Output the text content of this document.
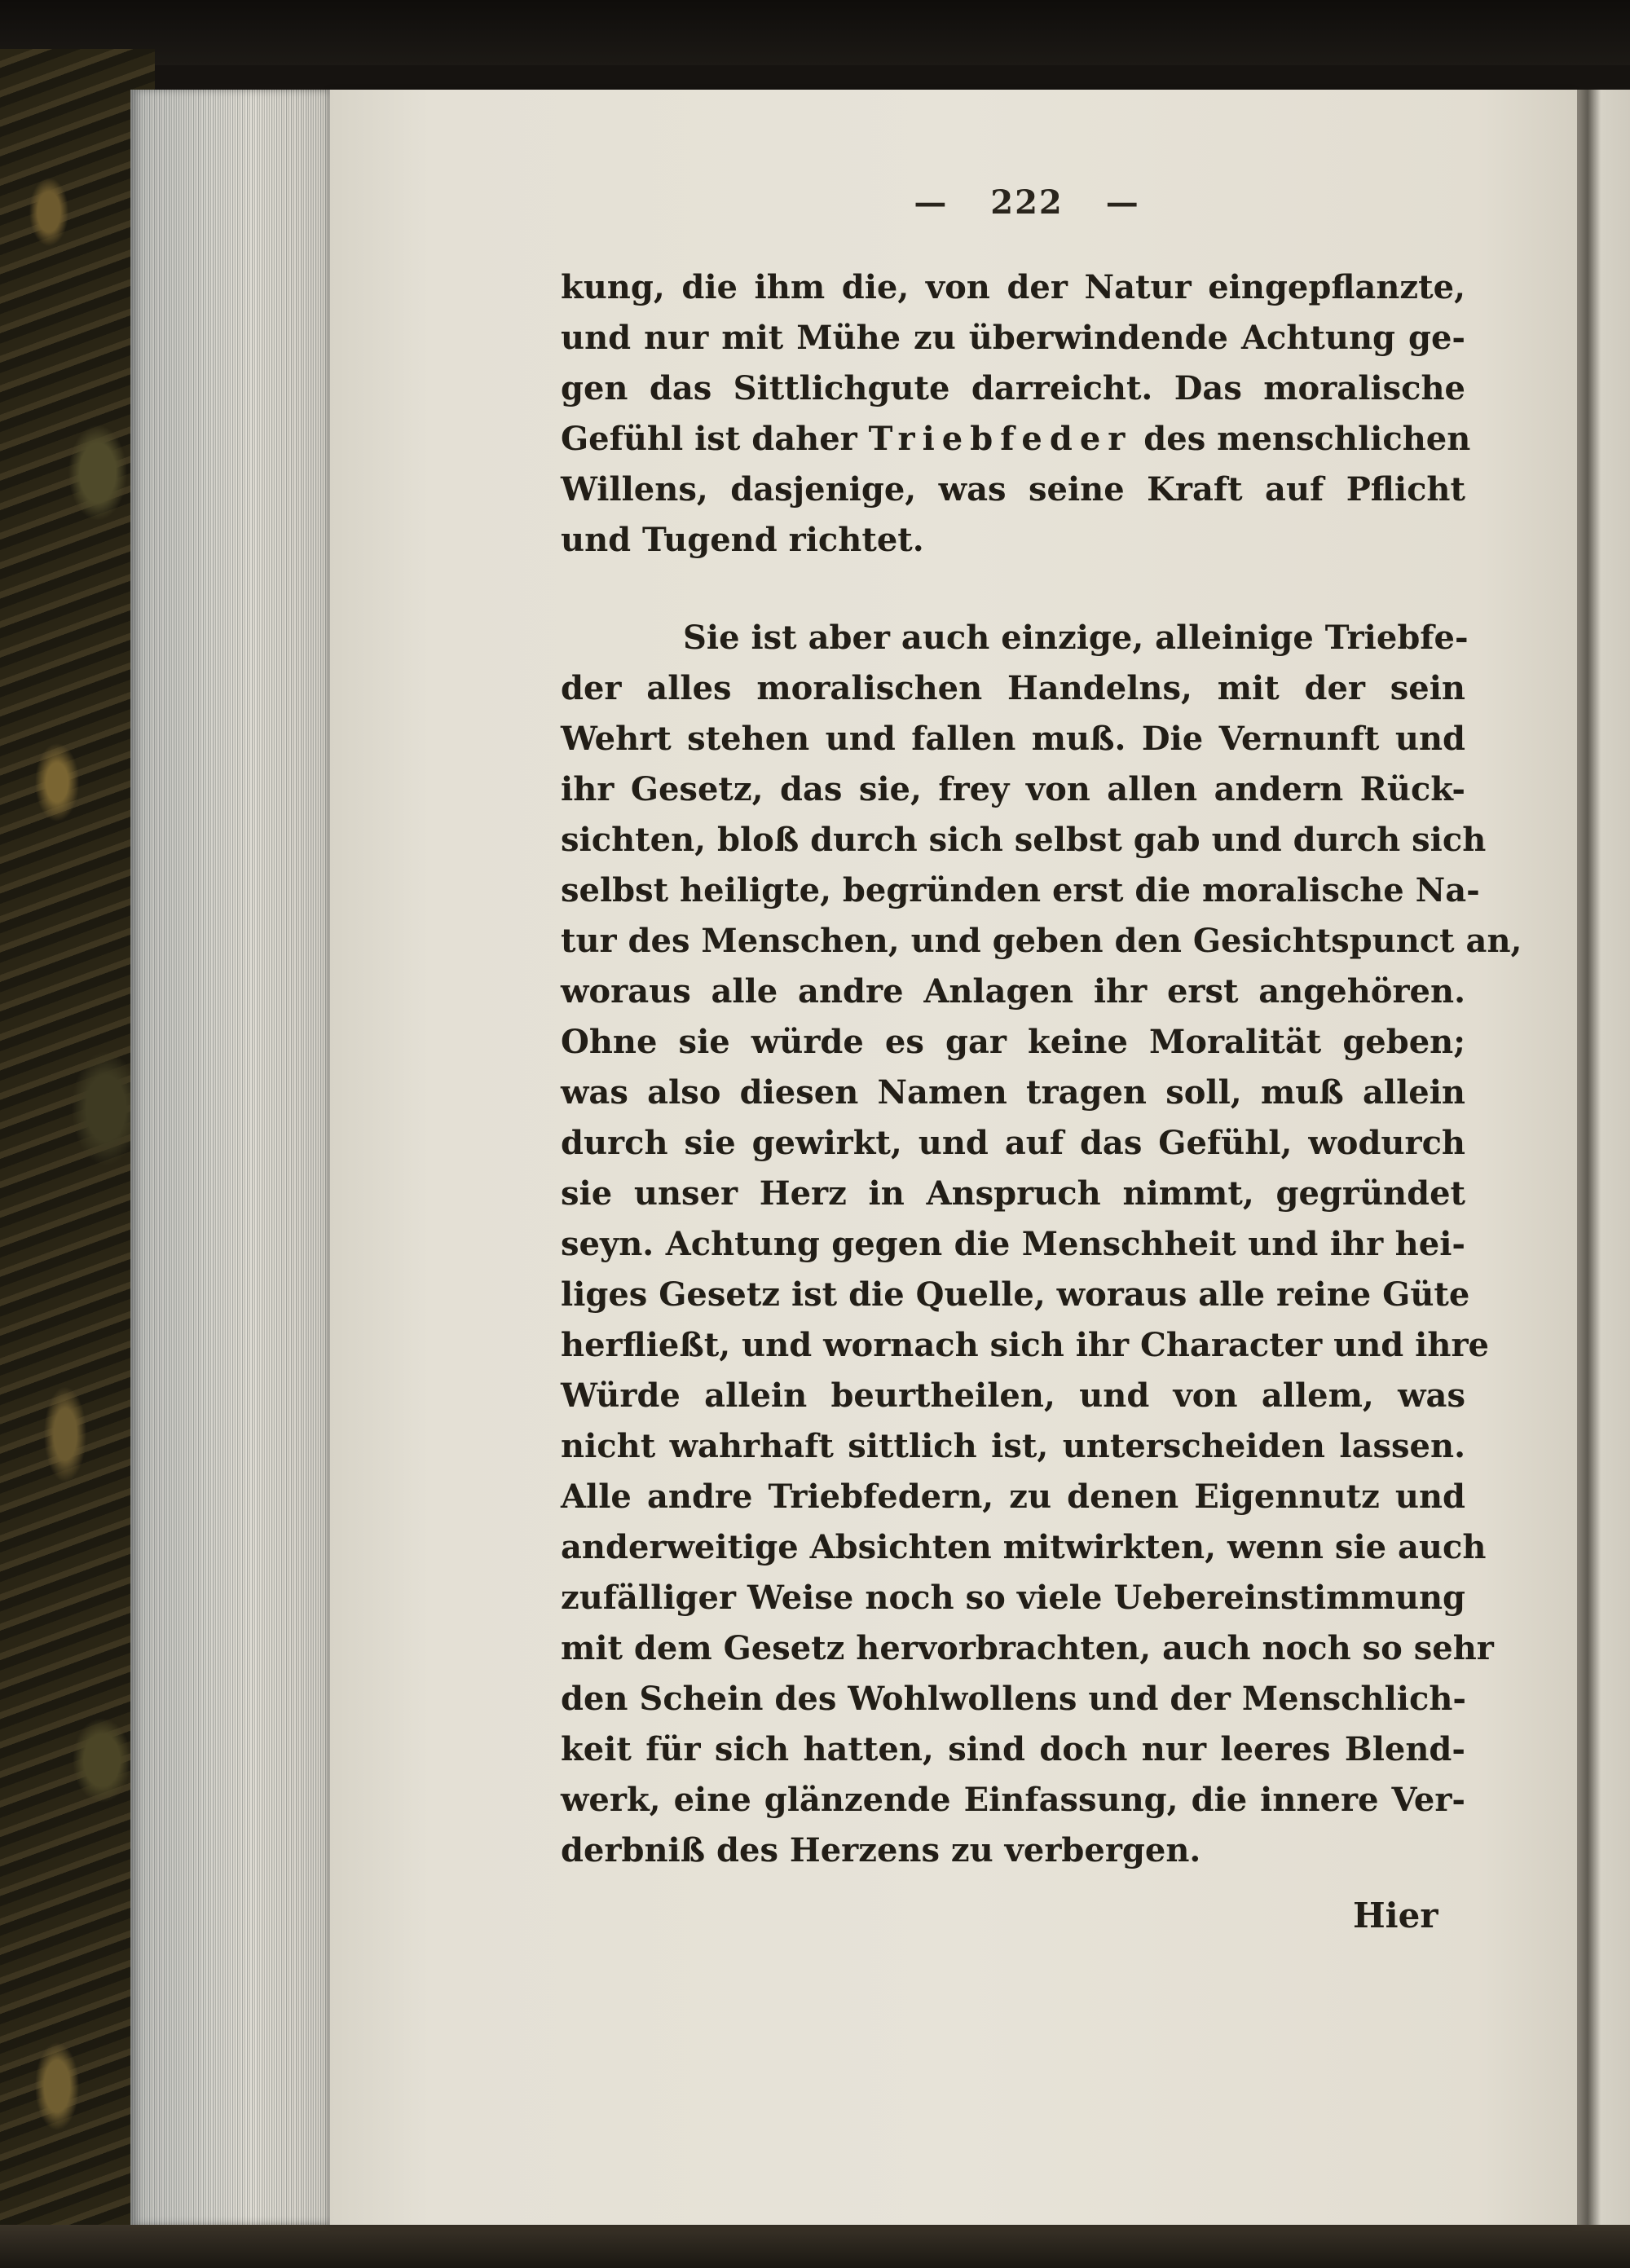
— 222 —
kung, die ihm die, von der Natur eingepflanzte,
und nur mit Mühe zu überwindende Achtung ge-
gen das Sittlichgute darreicht. Das moralische
Gefühl ist daher Triebfeder des menschlichen
Willens, dasjenige, was seine Kraft auf Pflicht
und Tugend richtet.
Sie ist aber auch einzige, alleinige Triebfe-
der alles moralischen Handelns, mit der sein
Wehrt stehen und fallen muß. Die Vernunft und
ihr Gesetz, das sie, frey von allen andern Rück-
sichten, bloß durch sich selbst gab und durch sich
selbst heiligte, begründen erst die moralische Na-
tur des Menschen, und geben den Gesichtspunct an,
woraus alle andre Anlagen ihr erst angehören.
Ohne sie würde es gar keine Moralität geben;
was also diesen Namen tragen soll, muß allein
durch sie gewirkt, und auf das Gefühl, wodurch
sie unser Herz in Anspruch nimmt, gegründet
seyn. Achtung gegen die Menschheit und ihr hei-
liges Gesetz ist die Quelle, woraus alle reine Güte
herfließt, und wornach sich ihr Character und ihre
Würde allein beurtheilen, und von allem, was
nicht wahrhaft sittlich ist, unterscheiden lassen.
Alle andre Triebfedern, zu denen Eigennutz und
anderweitige Absichten mitwirkten, wenn sie auch
zufälliger Weise noch so viele Uebereinstimmung
mit dem Gesetz hervorbrachten, auch noch so sehr
den Schein des Wohlwollens und der Menschlich-
keit für sich hatten, sind doch nur leeres Blend-
werk, eine glänzende Einfassung, die innere Ver-
derbniß des Herzens zu verbergen.
Hier
